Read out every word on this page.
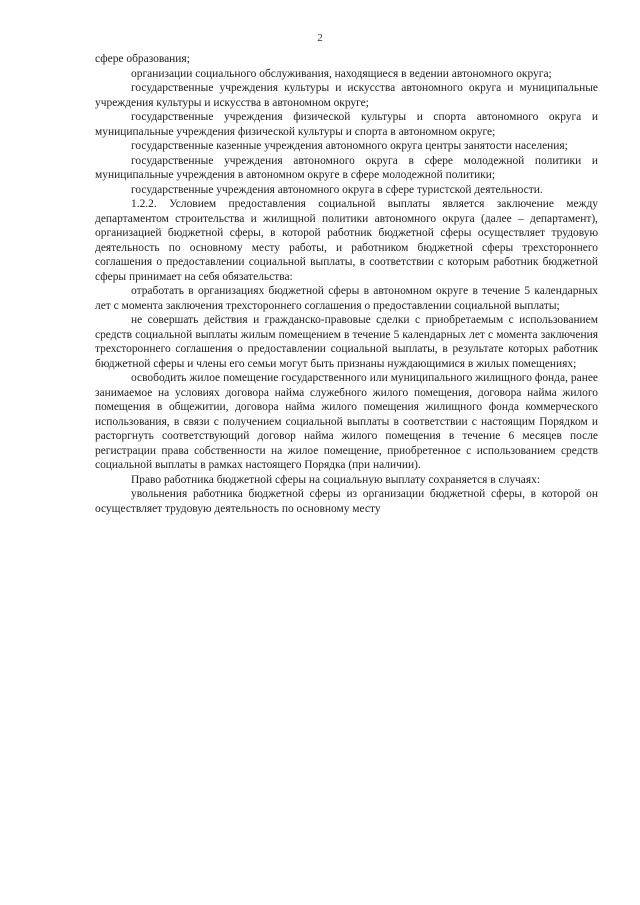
2

сфере образования;

организации социального обслуживания, находящиеся в ведении автономного округа;

государственные учреждения культуры и искусства автономного округа и муниципальные учреждения культуры и искусства в автономном округе;

государственные учреждения физической культуры и спорта автономного округа и муниципальные учреждения физической культуры и спорта в автономном округе;

государственные казенные учреждения автономного округа центры занятости населения;

государственные учреждения автономного округа в сфере молодежной политики и муниципальные учреждения в автономном округе в сфере молодежной политики;

государственные учреждения автономного округа в сфере туристской деятельности.

1.2.2. Условием предоставления социальной выплаты является заключение между департаментом строительства и жилищной политики автономного округа (далее – департамент), организацией бюджетной сферы, в которой работник бюджетной сферы осуществляет трудовую деятельность по основному месту работы, и работником бюджетной сферы трехстороннего соглашения о предоставлении социальной выплаты, в соответствии с которым работник бюджетной сферы принимает на себя обязательства:

отработать в организациях бюджетной сферы в автономном округе в течение 5 календарных лет с момента заключения трехстороннего соглашения о предоставлении социальной выплаты;

не совершать действия и гражданско-правовые сделки с приобретаемым с использованием средств социальной выплаты жилым помещением в течение 5 календарных лет с момента заключения трехстороннего соглашения о предоставлении социальной выплаты, в результате которых работник бюджетной сферы и члены его семьи могут быть признаны нуждающимися в жилых помещениях;

освободить жилое помещение государственного или муниципального жилищного фонда, ранее занимаемое на условиях договора найма служебного жилого помещения, договора найма жилого помещения в общежитии, договора найма жилого помещения жилищного фонда коммерческого использования, в связи с получением социальной выплаты в соответствии с настоящим Порядком и расторгнуть соответствующий договор найма жилого помещения в течение 6 месяцев после регистрации права собственности на жилое помещение, приобретенное с использованием средств социальной выплаты в рамках настоящего Порядка (при наличии).

Право работника бюджетной сферы на социальную выплату сохраняется в случаях:

увольнения работника бюджетной сферы из организации бюджетной сферы, в которой он осуществляет трудовую деятельность по основному месту
